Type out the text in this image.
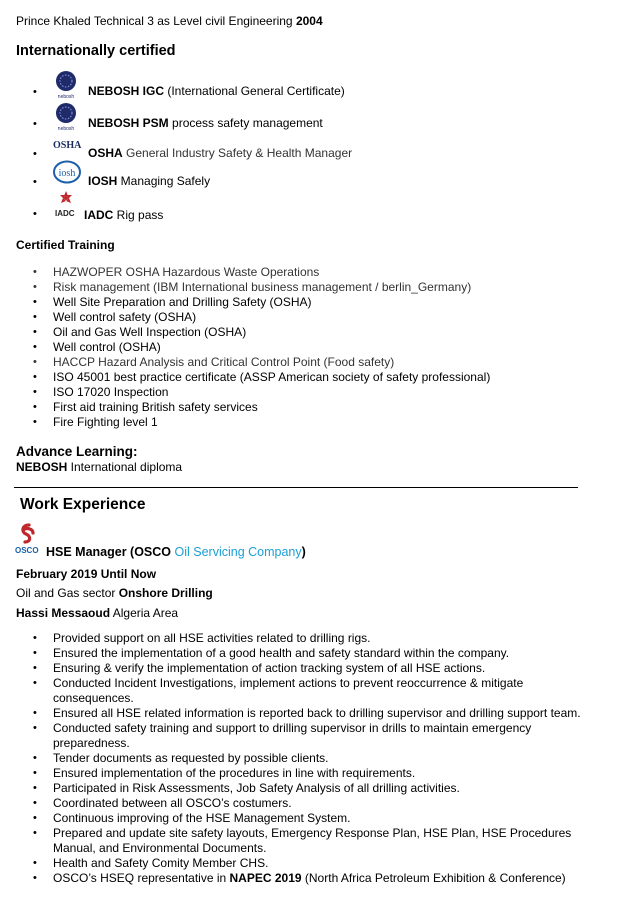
Prince Khaled Technical 3 as Level civil Engineering 2004
Internationally certified
•	nebosh NEBOSH IGC (International General Certificate)
•	nebosh NEBOSH PSM process safety management
•
OSHA
OSHA General Industry Safety & Health Manager
•
iosh
IOSH Managing Safely
• IADC IADC Rig pass
Certified Training
• HAZWOPER OSHA Hazardous Waste Operations
• Risk management (IBM International business management / berlin_Germany)
• Well Site Preparation and Drilling Safety (OSHA)
• Well control safety (OSHA)
• Oil and Gas Well Inspection (OSHA)
• Well control (OSHA)
• HACCP Hazard Analysis and Critical Control Point (Food safety)
• ISO 45001 best practice certificate (ASSP American society of safety professional)
• ISO 17020 Inspection
• First aid training British safety services
• Fire Fighting level 1
Advance Learning:
NEBOSH International diploma
Work Experience
OSCO HSE Manager (OSCO Oil Servicing Company)
February 2019 Until Now
Oil and Gas sector Onshore Drilling
Hassi Messaoud Algeria Area
• Provided support on all HSE activities related to drilling rigs.
• Ensured the implementation of a good health and safety standard within the company.
• Ensuring & verify the implementation of action tracking system of all HSE actions.
• Conducted Incident Investigations, implement actions to prevent reoccurrence & mitigate consequences.
• Ensured all HSE related information is reported back to drilling supervisor and drilling support team.
• Conducted safety training and support to drilling supervisor in drills to maintain emergency preparedness.
• Tender documents as requested by possible clients.
• Ensured implementation of the procedures in line with requirements.
• Participated in Risk Assessments, Job Safety Analysis of all drilling activities.
• Coordinated between all OSCO’s costumers.
• Continuous improving of the HSE Management System.
• Prepared and update site safety layouts, Emergency Response Plan, HSE Plan, HSE Procedures Manual, and Environmental Documents.
• Health and Safety Comity Member CHS.
• OSCO’s HSEQ representative in NAPEC 2019 (North Africa Petroleum Exhibition & Conference)
